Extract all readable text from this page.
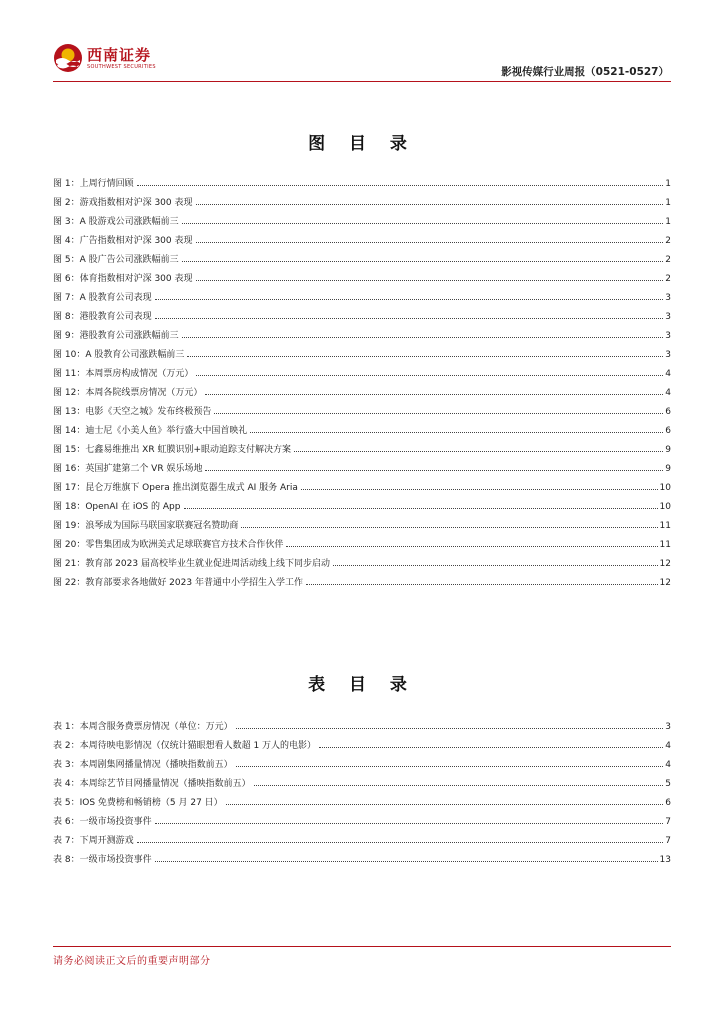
西南证券
SOUTHWEST SECURITIES	影视传媒行业周报（0521-0527）
图 目 录
图 1：上周行情回顾	1
图 2：游戏指数相对沪深 300 表现	1
图 3：A 股游戏公司涨跌幅前三	1
图 4：广告指数相对沪深 300 表现	2
图 5：A 股广告公司涨跌幅前三	2
图 6：体育指数相对沪深 300 表现	2
图 7：A 股教育公司表现	3
图 8：港股教育公司表现	3
图 9：港股教育公司涨跌幅前三	3
图 10：A 股教育公司涨跌幅前三	3
图 11：本周票房构成情况（万元）	4
图 12：本周各院线票房情况（万元）	4
图 13：电影《天空之城》发布终极预告	6
图 14：迪士尼《小美人鱼》举行盛大中国首映礼	6
图 15：七鑫易维推出 XR 虹膜识别+眼动追踪支付解决方案	9
图 16：英国扩建第二个 VR 娱乐场地	9
图 17：昆仑万维旗下 Opera 推出浏览器生成式 AI 服务 Aria	10
图 18：OpenAI 在 iOS 的 App	10
图 19：浪琴成为国际马联国家联赛冠名赞助商	11
图 20：零售集团成为欧洲美式足球联赛官方技术合作伙伴	11
图 21：教育部 2023 届高校毕业生就业促进周活动线上线下同步启动	12
图 22：教育部要求各地做好 2023 年普通中小学招生入学工作	12
表 目 录
表 1：本周含服务费票房情况（单位：万元）	3
表 2：本周待映电影情况（仅统计猫眼想看人数超 1 万人的电影）	4
表 3：本周剧集网播量情况（播映指数前五）	4
表 4：本周综艺节目网播量情况（播映指数前五）	5
表 5：IOS 免费榜和畅销榜（5 月 27 日）	6
表 6：一级市场投资事件	7
表 7：下周开测游戏	7
表 8：一级市场投资事件	13
请务必阅读正文后的重要声明部分
